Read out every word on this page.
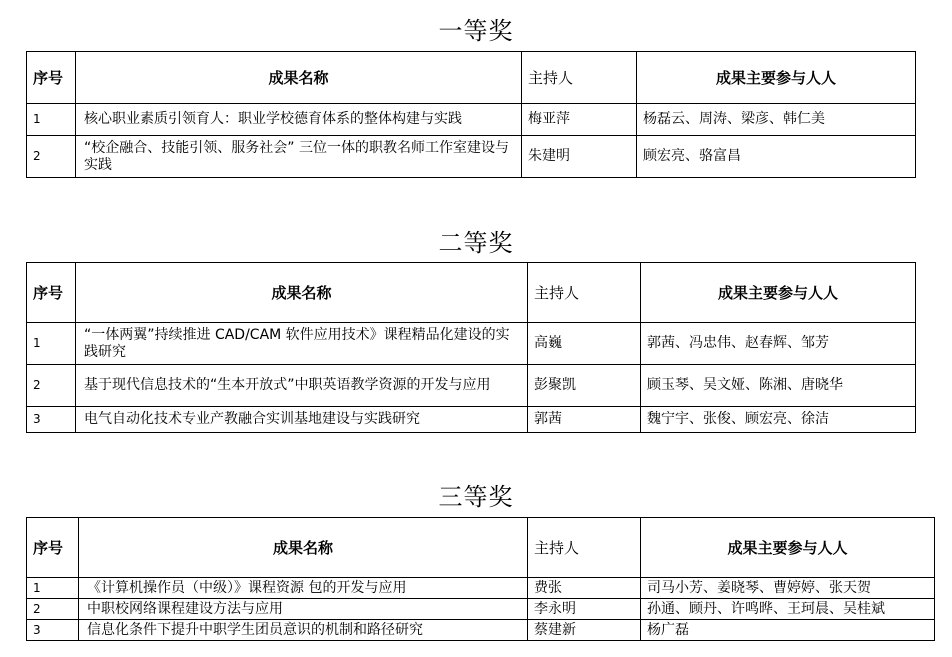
一等奖
序号	成果名称	主持人	成果主要参与人人
1	核心职业素质引领育人：职业学校德育体系的整体构建与实践	梅亚萍	杨磊云、周涛、梁彦、韩仁美
2	“校企融合、技能引领、服务社会” 三位一体的职教名师工作室建设与实践	朱建明	顾宏亮、骆富昌
二等奖
序号	成果名称	主持人	成果主要参与人人
1	“一体两翼”持续推进 CAD/CAM 软件应用技术》课程精品化建设的实践研究	高巍	郭茜、冯忠伟、赵春辉、邹芳
2	基于现代信息技术的“生本开放式”中职英语教学资源的开发与应用	彭聚凯	顾玉琴、吴文娅、陈湘、唐晓华
3	电气自动化技术专业产教融合实训基地建设与实践研究	郭茜	魏宁宇、张俊、顾宏亮、徐洁
三等奖
序号	成果名称	主持人	成果主要参与人人
1	《计算机操作员（中级）》课程资源 包的开发与应用	费张	司马小芳、姜晓琴、曹婷婷、张天贺
2	中职校网络课程建设方法与应用	李永明	孙通、顾丹、许鸣晔、王珂晨、吴桂斌
3	信息化条件下提升中职学生团员意识的机制和路径研究	蔡建新	杨广磊
